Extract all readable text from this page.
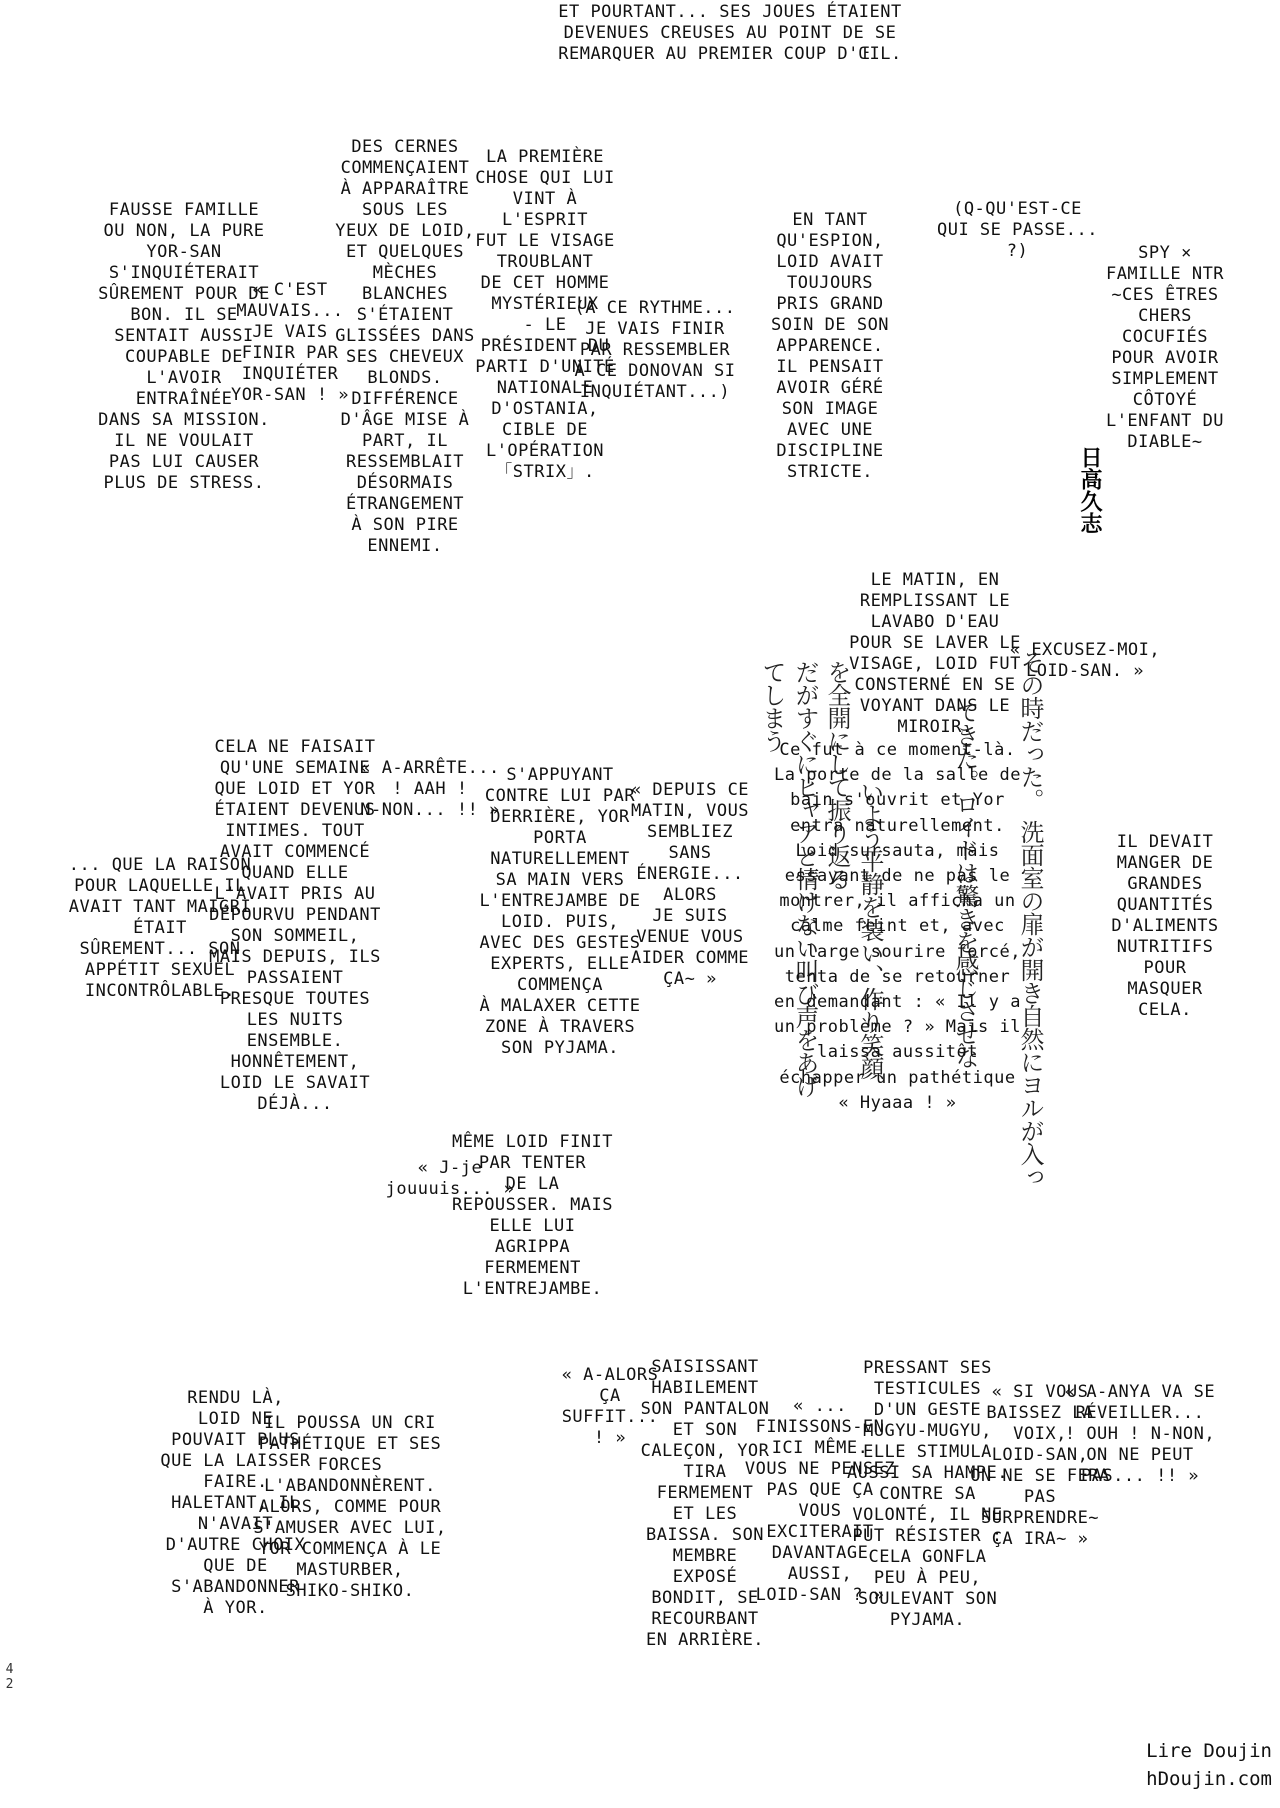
ET POURTANT... SES JOUES ÉTAIENT
DEVENUES CREUSES AU POINT DE SE
REMARQUER AU PREMIER COUP D'ŒIL.
FAUSSE FAMILLE
OU NON, LA PURE
YOR-SAN
S'INQUIÉTERAIT
SÛREMENT POUR DE
BON. IL SE
SENTAIT AUSSI
COUPABLE DE
L'AVOIR
ENTRAÎNÉE
DANS SA MISSION.
IL NE VOULAIT
PAS LUI CAUSER
PLUS DE STRESS.
« C'EST
MAUVAIS...
JE VAIS
FINIR PAR
INQUIÉTER
YOR-SAN ! »
DES CERNES
COMMENÇAIENT
À APPARAÎTRE
SOUS LES
YEUX DE LOID,
ET QUELQUES
MÈCHES
BLANCHES
S'ÉTAIENT
GLISSÉES DANS
SES CHEVEUX
BLONDS.
DIFFÉRENCE
D'ÂGE MISE À
PART, IL
RESSEMBLAIT
DÉSORMAIS
ÉTRANGEMENT
À SON PIRE
ENNEMI.
LA PREMIÈRE
CHOSE QUI LUI
VINT À
L'ESPRIT
FUT LE VISAGE
TROUBLANT
DE CET HOMME
MYSTÉRIEUX
- LE
PRÉSIDENT DU
PARTI D'UNITÉ
NATIONALE
D'OSTANIA,
CIBLE DE
L'OPÉRATION
「STRIX」.
(À CE RYTHME...
JE VAIS FINIR
PAR RESSEMBLER
À CE DONOVAN SI
INQUIÉTANT...)
EN TANT
QU'ESPION,
LOID AVAIT
TOUJOURS
PRIS GRAND
SOIN DE SON
APPARENCE.
IL PENSAIT
AVOIR GÉRÉ
SON IMAGE
AVEC UNE
DISCIPLINE
STRICTE.
(Q-QU'EST-CE
QUI SE PASSE...
?)	SPY ×
FAMILLE NTR
~CES ÊTRES
CHERS
COCUFIÉS
POUR AVOIR
SIMPLEMENT
CÔTOYÉ
L'ENFANT DU
DIABLE~
日高久志
LE MATIN, EN
REMPLISSANT LE
LAVABO D'EAU
POUR SE LAVER LE
VISAGE, LOID FUT
CONSTERNÉ EN SE
VOYANT DANS LE
MIROIR.
« EXCUSEZ-MOI,
LOID-SAN. »
その時だった。
洗面室の扉が開き自然にヨルが入っ
てきた。ロイドは驚きを感じさせな
いよう平静を装い、作り笑顔
を全開にして振り返る
だがすぐにヒャアと情けない叫び声をあげ
てしまう
Ce fut à ce moment-là.
La porte de la salle de
bain s'ouvrit et Yor
entra naturellement.
Loid sursauta, mais
essayant de ne pas le
montrer, il afficha un
calme feint et, avec
un large sourire forcé,
tenta de se retourner
en demandant : « Il y a
un problème ? » Mais il
laissa aussitôt
échapper un pathétique
« Hyaaa ! »
CELA NE FAISAIT
QU'UNE SEMAINE
QUE LOID ET YOR
ÉTAIENT DEVENUS
INTIMES. TOUT
AVAIT COMMENCÉ
QUAND ELLE
L'AVAIT PRIS AU
DÉPOURVU PENDANT
SON SOMMEIL,
MAIS DEPUIS, ILS
PASSAIENT
PRESQUE TOUTES
LES NUITS
ENSEMBLE.
HONNÊTEMENT,
LOID LE SAVAIT
DÉJÀ...
... QUE LA RAISON
POUR LAQUELLE IL
AVAIT TANT MAIGRI
ÉTAIT
SÛREMENT... SON
APPÉTIT SEXUEL
INCONTRÔLABLE.
« A-ARRÊTE...
! AAH !
N-NON... !! »
S'APPUYANT
CONTRE LUI PAR
DERRIÈRE, YOR
PORTA
NATURELLEMENT
SA MAIN VERS
L'ENTREJAMBE DE
LOID. PUIS,
AVEC DES GESTES
EXPERTS, ELLE
COMMENÇA
À MALAXER CETTE
ZONE À TRAVERS
SON PYJAMA.
« DEPUIS CE
MATIN, VOUS
SEMBLIEZ
SANS
ÉNERGIE...
ALORS
JE SUIS
VENUE VOUS
AIDER COMME
ÇA~ »
IL DEVAIT
MANGER DE
GRANDES
QUANTITÉS
D'ALIMENTS
NUTRITIFS
POUR
MASQUER
CELA.
MÊME LOID FINIT
PAR TENTER
DE LA
REPOUSSER. MAIS
ELLE LUI
AGRIPPA
FERMEMENT
L'ENTREJAMBE.
« J-je
jouuuis... »
RENDU LÀ,
LOID NE
POUVAIT PLUS
QUE LA LAISSER
FAIRE.
HALETANT, IL
N'AVAIT
D'AUTRE CHOIX
QUE DE
S'ABANDONNER
À YOR.
IL POUSSA UN CRI
PATHÉTIQUE ET SES
FORCES
L'ABANDONNÈRENT.
ALORS, COMME POUR
S'AMUSER AVEC LUI,
YOR COMMENÇA À LE
MASTURBER,
SHIKO-SHIKO.
« A-ALORS
ÇA
SUFFIT...
! »
SAISISSANT
HABILEMENT
SON PANTALON
ET SON
CALEÇON, YOR
TIRA
FERMEMENT
ET LES
BAISSA. SON
MEMBRE
EXPOSÉ
BONDIT, SE
RECOURBANT
EN ARRIÈRE.
« ...
FINISSONS-EN
ICI MÊME.
VOUS NE PENSEZ
PAS QUE ÇA
VOUS
EXCITERAIT
DAVANTAGE
AUSSI,
LOID-SAN ? »
PRESSANT SES
TESTICULES
D'UN GESTE
MUGYU-MUGYU,
ELLE STIMULA
AUSSI SA HAMPE.
CONTRE SA
VOLONTÉ, IL NE
PUT RÉSISTER :
CELA GONFLA
PEU À PEU,
SOULEVANT SON
PYJAMA.
« SI VOUS
BAISSEZ LA
VOIX,
LOID-SAN,
ON NE SE FERA
PAS
SURPRENDRE~
ÇA IRA~ »
« A-ANYA VA SE
RÉVEILLER...
! OUH ! N-NON,
ON NE PEUT
PAS... !! »
42
Lire Doujin
hDoujin.com
